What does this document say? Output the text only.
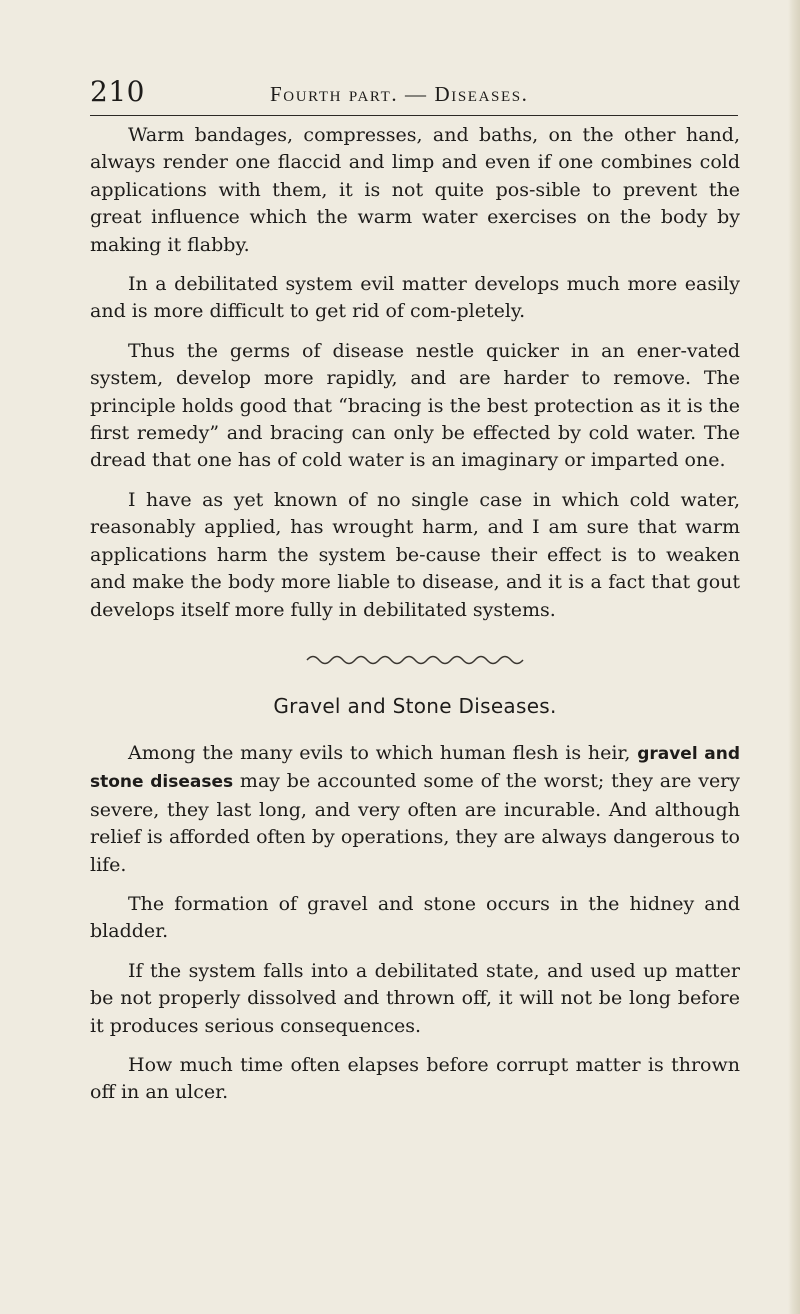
210	Fourth part. — Diseases.

Warm bandages, compresses, and baths, on the other hand, always render one flaccid and limp and even if one combines cold applications with them, it is not quite pos-sible to prevent the great influence which the warm water exercises on the body by making it flabby.

In a debilitated system evil matter develops much more easily and is more difficult to get rid of com-pletely.

Thus the germs of disease nestle quicker in an ener-vated system, develop more rapidly, and are harder to remove. The principle holds good that “bracing is the best protection as it is the first remedy” and bracing can only be effected by cold water. The dread that one has of cold water is an imaginary or imparted one.

I have as yet known of no single case in which cold water, reasonably applied, has wrought harm, and I am sure that warm applications harm the system be-cause their effect is to weaken and make the body more liable to disease, and it is a fact that gout develops itself more fully in debilitated systems.

Gravel and Stone Diseases.

Among the many evils to which human flesh is heir, gravel and stone diseases may be accounted some of the worst; they are very severe, they last long, and very often are incurable. And although relief is afforded often by operations, they are always dangerous to life.

The formation of gravel and stone occurs in the hidney and bladder.

If the system falls into a debilitated state, and used up matter be not properly dissolved and thrown off, it will not be long before it produces serious consequences.

How much time often elapses before corrupt matter is thrown off in an ulcer.
